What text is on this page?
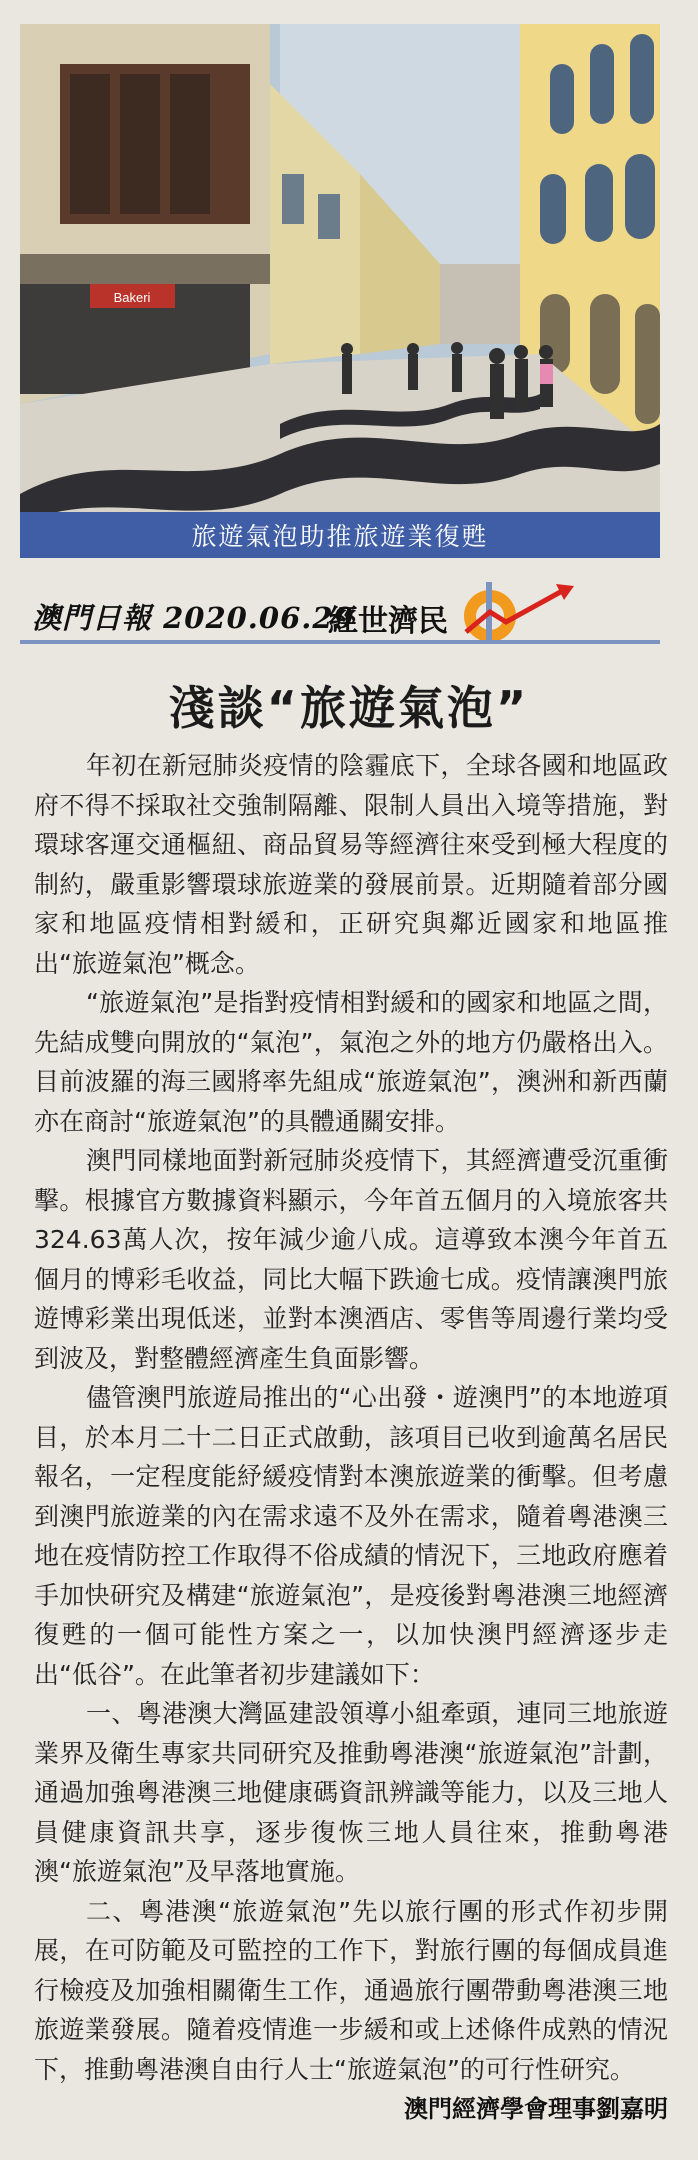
Bakeri
旅遊氣泡助推旅遊業復甦
澳門日報 2020.06.29
經世濟民
淺談“旅遊氣泡”

年初在新冠肺炎疫情的陰霾底下，全球各國和地區政府不得不採取社交強制隔離、限制人員出入境等措施，對環球客運交通樞紐、商品貿易等經濟往來受到極大程度的制約，嚴重影響環球旅遊業的發展前景。近期隨着部分國家和地區疫情相對緩和，正研究與鄰近國家和地區推出“旅遊氣泡”概念。

“旅遊氣泡”是指對疫情相對緩和的國家和地區之間，先結成雙向開放的“氣泡”，氣泡之外的地方仍嚴格出入。目前波羅的海三國將率先組成“旅遊氣泡”，澳洲和新西蘭亦在商討“旅遊氣泡”的具體通關安排。

澳門同樣地面對新冠肺炎疫情下，其經濟遭受沉重衝擊。根據官方數據資料顯示，今年首五個月的入境旅客共324.63萬人次，按年減少逾八成。這導致本澳今年首五個月的博彩毛收益，同比大幅下跌逾七成。疫情讓澳門旅遊博彩業出現低迷，並對本澳酒店、零售等周邊行業均受到波及，對整體經濟產生負面影響。

儘管澳門旅遊局推出的“心出發・遊澳門”的本地遊項目，於本月二十二日正式啟動，該項目已收到逾萬名居民報名，一定程度能紓緩疫情對本澳旅遊業的衝擊。但考慮到澳門旅遊業的內在需求遠不及外在需求，隨着粵港澳三地在疫情防控工作取得不俗成績的情況下，三地政府應着手加快研究及構建“旅遊氣泡”，是疫後對粵港澳三地經濟復甦的一個可能性方案之一，以加快澳門經濟逐步走出“低谷”。在此筆者初步建議如下：

一、粵港澳大灣區建設領導小組牽頭，連同三地旅遊業界及衛生專家共同研究及推動粵港澳“旅遊氣泡”計劃，通過加強粵港澳三地健康碼資訊辨識等能力，以及三地人員健康資訊共享，逐步復恢三地人員往來，推動粵港澳“旅遊氣泡”及早落地實施。

二、粵港澳“旅遊氣泡”先以旅行團的形式作初步開展，在可防範及可監控的工作下，對旅行團的每個成員進行檢疫及加強相關衛生工作，通過旅行團帶動粵港澳三地旅遊業發展。隨着疫情進一步緩和或上述條件成熟的情況下，推動粵港澳自由行人士“旅遊氣泡”的可行性研究。

澳門經濟學會理事劉嘉明
